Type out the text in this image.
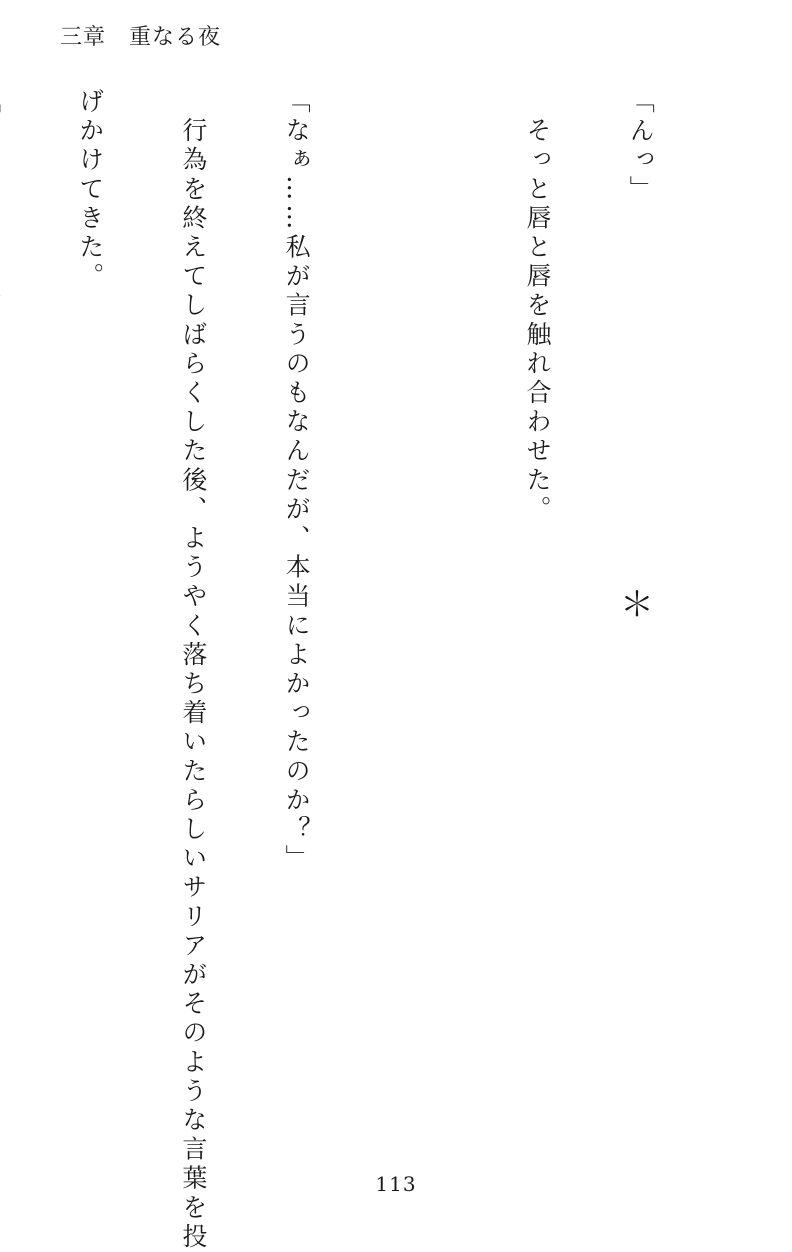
三章　重なる夜

「んっ」

　そっと唇と唇を触れ合わせた。

「なぁ……私が言うのもなんだが、本当によかったのか？」

　行為を終えてしばらくした後、ようやく落ち着いたらしいサリアがそのような言葉を投

げかけてきた。

＊
113
